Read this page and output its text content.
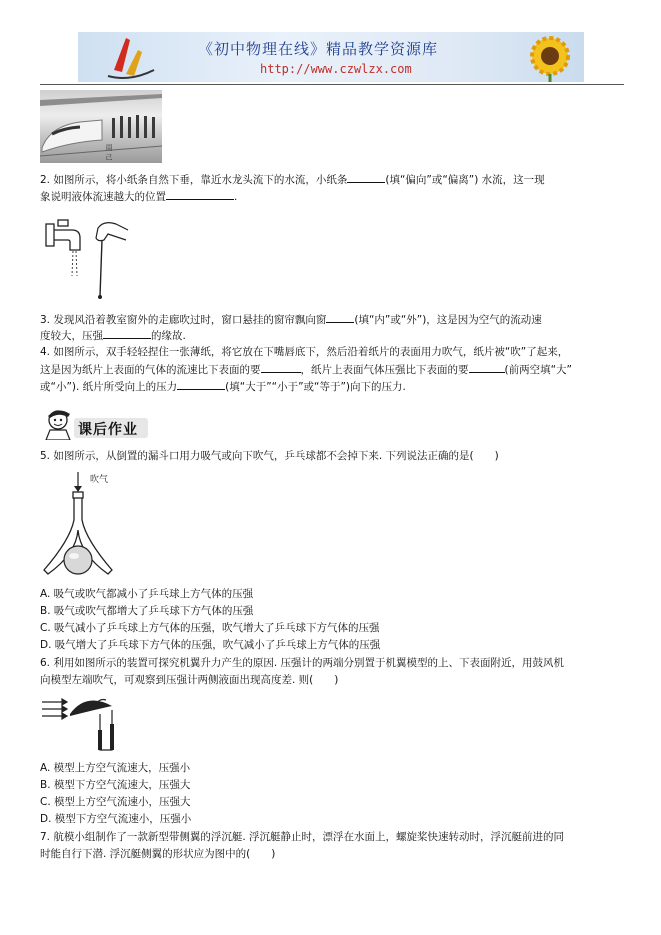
《初中物理在线》精品教学资源库
http://www.czwlzx.com
周 己
2. 如图所示，将小纸条自然下垂，靠近水龙头流下的水流，小纸条	(填“偏向”或“偏离”) 水流，这一现
象说明液体流速越大的位置	.
3. 发现风沿着教室窗外的走廊吹过时，窗口悬挂的窗帘飘向窗	(填“内”或“外”)，这是因为空气的流动速
度较大，压强	的缘故.
4. 如图所示，双手轻轻捏住一张薄纸，将它放在下嘴唇底下，然后沿着纸片的表面用力吹气，纸片被“吹”了起来，
这是因为纸片上表面的气体的流速比下表面的要	，纸片上表面气体压强比下表面的要	(前两空填“大”
或“小”). 纸片所受向上的压力	(填“大于”“小于”或“等于”)向下的压力.
课后作业
5. 如图所示，从倒置的漏斗口用力吸气或向下吹气，乒乓球都不会掉下来. 下列说法正确的是(　　)
吹气
A. 吸气或吹气都减小了乒乓球上方气体的压强
B. 吸气或吹气都增大了乒乓球下方气体的压强
C. 吸气减小了乒乓球上方气体的压强，吹气增大了乒乓球下方气体的压强
D. 吸气增大了乒乓球下方气体的压强，吹气减小了乒乓球上方气体的压强
6. 利用如图所示的装置可探究机翼升力产生的原因. 压强计的两端分别置于机翼模型的上、下表面附近，用鼓风机
向模型左端吹气，可观察到压强计两侧液面出现高度差. 则(　　)
A. 模型上方空气流速大，压强小
B. 模型下方空气流速大，压强大
C. 模型上方空气流速小，压强大
D. 模型下方空气流速小，压强小
7. 航模小组制作了一款新型带侧翼的浮沉艇. 浮沉艇静止时，漂浮在水面上，螺旋桨快速转动时，浮沉艇前进的同
时能自行下潜. 浮沉艇侧翼的形状应为图中的(　　)
